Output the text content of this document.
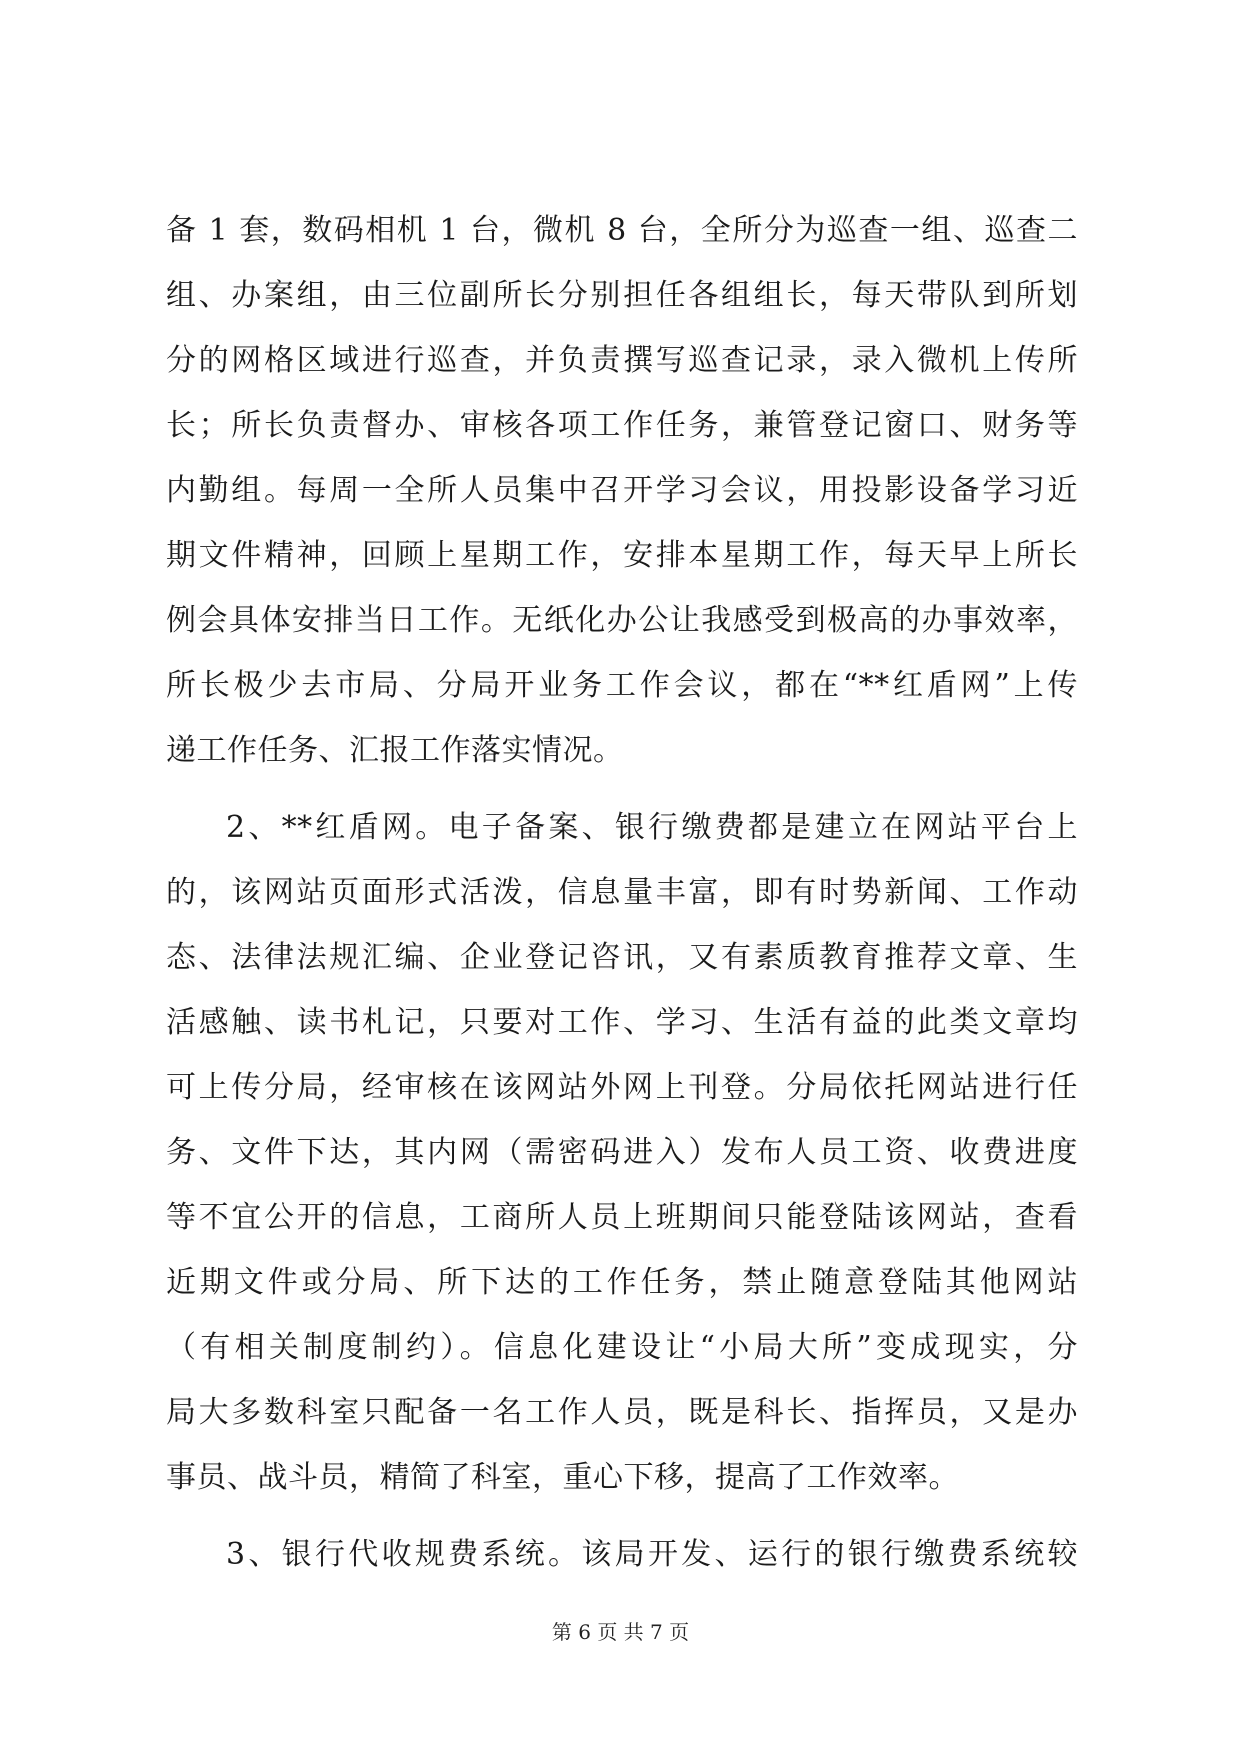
备 1 套，数码相机 1 台，微机 8 台，全所分为巡查一组、巡查二
组、办案组，由三位副所长分别担任各组组长，每天带队到所划
分的网格区域进行巡查，并负责撰写巡查记录，录入微机上传所
长；所长负责督办、审核各项工作任务，兼管登记窗口、财务等
内勤组。每周一全所人员集中召开学习会议，用投影设备学习近
期文件精神，回顾上星期工作，安排本星期工作，每天早上所长
例会具体安排当日工作。无纸化办公让我感受到极高的办事效率，
所长极少去市局、分局开业务工作会议，都在“**红盾网”上传
递工作任务、汇报工作落实情况。
2、**红盾网。电子备案、银行缴费都是建立在网站平台上
的，该网站页面形式活泼，信息量丰富，即有时势新闻、工作动
态、法律法规汇编、企业登记咨讯，又有素质教育推荐文章、生
活感触、读书札记，只要对工作、学习、生活有益的此类文章均
可上传分局，经审核在该网站外网上刊登。分局依托网站进行任
务、文件下达，其内网（需密码进入）发布人员工资、收费进度
等不宜公开的信息，工商所人员上班期间只能登陆该网站，查看
近期文件或分局、所下达的工作任务，禁止随意登陆其他网站
（有相关制度制约）。信息化建设让“小局大所”变成现实，分
局大多数科室只配备一名工作人员，既是科长、指挥员，又是办
事员、战斗员，精简了科室，重心下移，提高了工作效率。
3、银行代收规费系统。该局开发、运行的银行缴费系统较
第 6 页 共 7 页
